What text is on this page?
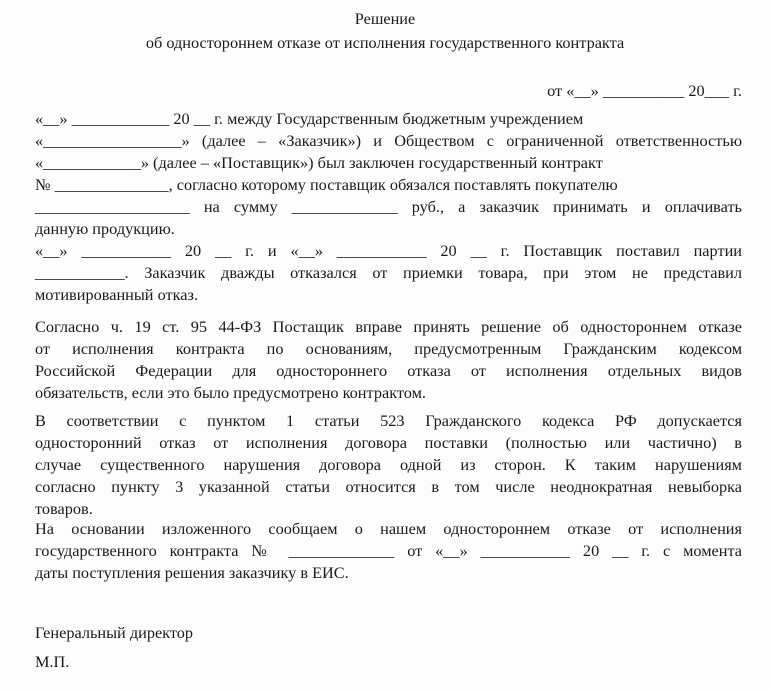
Решение
об одностороннем отказе от исполнения государственного контракта
от «__» __________ 20___ г.
«__» ____________ 20 __ г. между Государственным бюджетным учреждением
«_________________» (далее – «Заказчик») и Обществом с ограниченной ответственностью
«____________» (далее – «Поставщик») был заключен государственный контракт
№ ______________, согласно которому поставщик обязался поставлять покупателю
___________________ на сумму _____________ руб., а заказчик принимать и оплачивать
данную продукцию.
«__» ___________ 20 __ г. и «__» ___________ 20 __ г. Поставщик поставил партии
___________. Заказчик дважды отказался от приемки товара, при этом не представил
мотивированный отказ.
Согласно ч. 19 ст. 95 44-ФЗ Постащик вправе принять решение об одностороннем отказе
от исполнения контракта по основаниям, предусмотренным Гражданским кодексом
Российской Федерации для одностороннего отказа от исполнения отдельных видов
обязательств, если это было предусмотрено контрактом.
В соответствии с пунктом 1 статьи 523 Гражданского кодекса РФ допускается
односторонний отказ от исполнения договора поставки (полностью или частично) в
случае существенного нарушения договора одной из сторон. К таким нарушениям
согласно пункту 3 указанной статьи относится в том числе неоднократная невыборка
товаров.
На основании изложенного сообщаем о нашем одностороннем отказе от исполнения
государственного контракта № _____________ от «__» ___________ 20 __ г. с момента
даты поступления решения заказчику в ЕИС.
Генеральный директор
М.П.
